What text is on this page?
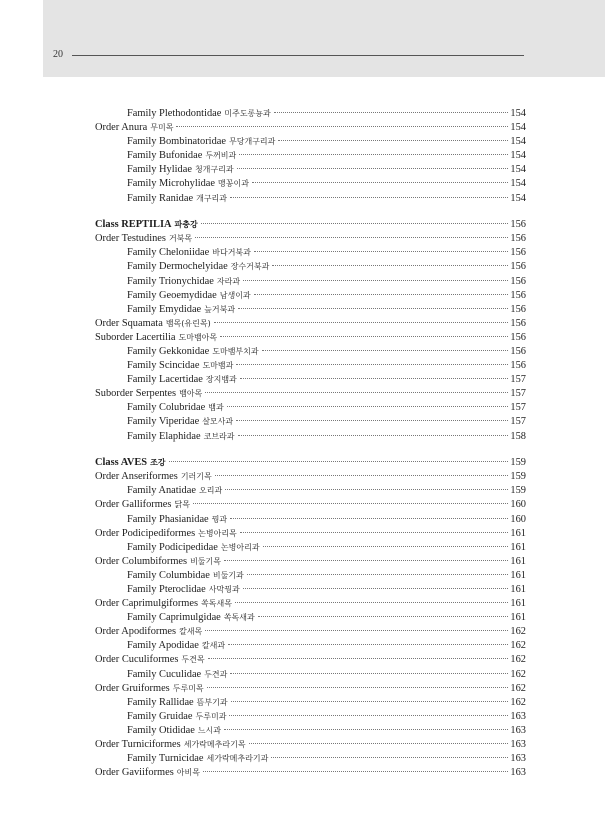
20
Family Plethodontidae 미주도롱뇽과	154
Order Anura 무미목	154
Family Bombinatoridae 무당개구리과	154
Family Bufonidae 두꺼비과	154
Family Hylidae 청개구리과	154
Family Microhylidae 맹꽁이과	154
Family Ranidae 개구리과	154
Class REPTILIA 파충강	156
Order Testudines 거북목	156
Family Cheloniidae 바다거북과	156
Family Dermochelyidae 장수거북과	156
Family Trionychidae 자라과	156
Family Geoemydidae 남생이과	156
Family Emydidae 늪거북과	156
Order Squamata 뱀목(유린목)	156
Suborder Lacertilia 도마뱀아목	156
Family Gekkonidae 도마뱀부치과	156
Family Scincidae 도마뱀과	156
Family Lacertidae 장지뱀과	157
Suborder Serpentes 뱀아목	157
Family Colubridae 뱀과	157
Family Viperidae 살모사과	157
Family Elaphidae 코브라과	158
Class AVES 조강	159
Order Anseriformes 기러기목	159
Family Anatidae 오리과	159
Order Galliformes 닭목	160
Family Phasianidae 꿩과	160
Order Podicipediformes 논병아리목	161
Family Podicipedidae 논병아리과	161
Order Columbiformes 비둘기목	161
Family Columbidae 비둘기과	161
Family Pteroclidae 사막꿩과	161
Order Caprimulgiformes 쏙독새목	161
Family Caprimulgidae 쏙독새과	161
Order Apodiformes 칼새목	162
Family Apodidae 칼새과	162
Order Cuculiformes 두견목	162
Family Cuculidae 두견과	162
Order Gruiformes 두루미목	162
Family Rallidae 뜸부기과	162
Family Gruidae 두루미과	163
Family Otididae 느시과	163
Order Turniciformes 세가락메추라기목	163
Family Turnicidae 세가락메추라기과	163
Order Gaviiformes 아비목	163
